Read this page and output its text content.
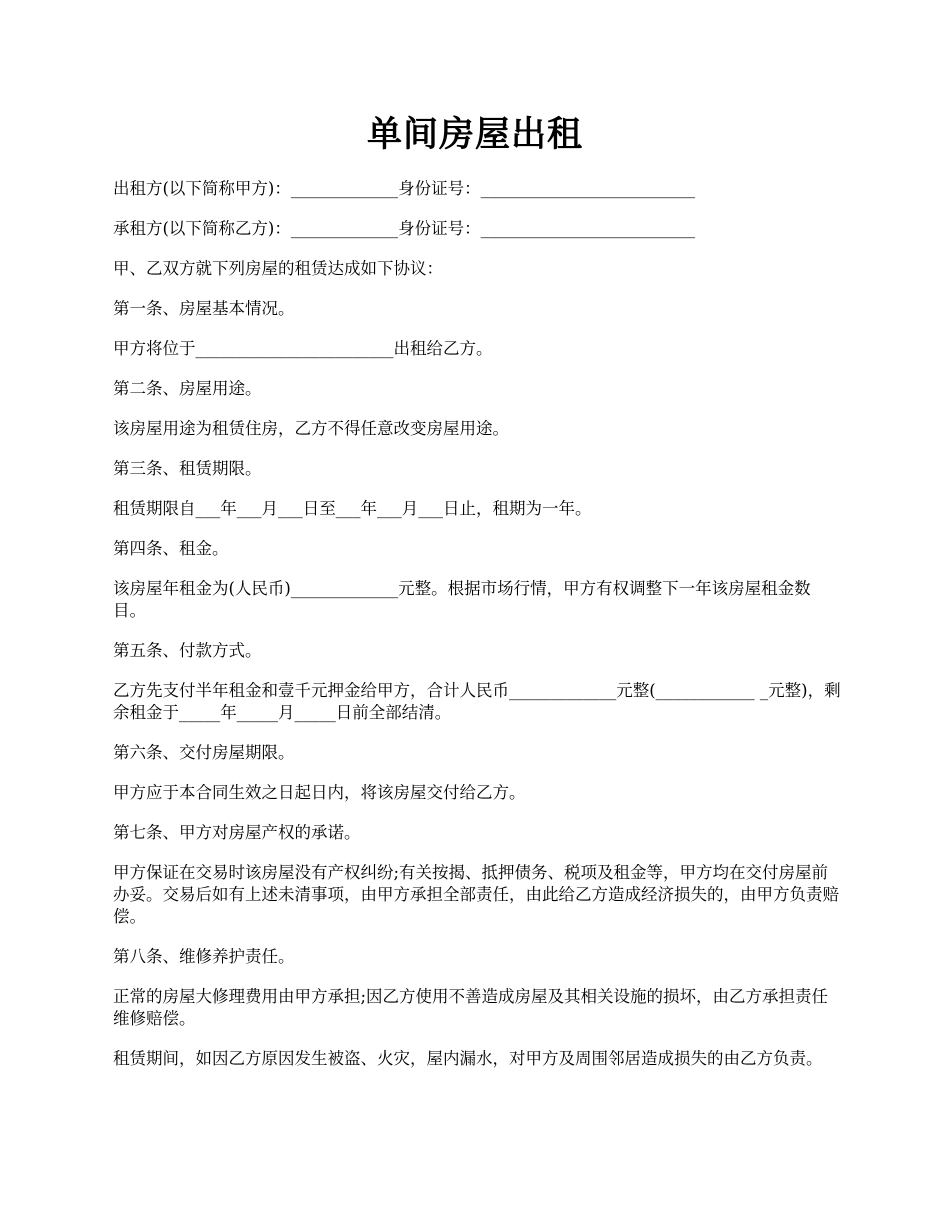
单间房屋出租

出租方(以下简称甲方)：_____________身份证号：__________________________

承租方(以下简称乙方)：_____________身份证号：__________________________

甲、乙双方就下列房屋的租赁达成如下协议：

第一条、房屋基本情况。

甲方将位于________________________出租给乙方。

第二条、房屋用途。

该房屋用途为租赁住房，乙方不得任意改变房屋用途。

第三条、租赁期限。

租赁期限自___年___月___日至___年___月___日止，租期为一年。

第四条、租金。

该房屋年租金为(人民币)_____________元整。根据市场行情，甲方有权调整下一年该房屋租金数目。

第五条、付款方式。

乙方先支付半年租金和壹千元押金给甲方，合计人民币_____________元整(____________ _元整)，剩余租金于_____年_____月_____日前全部结清。

第六条、交付房屋期限。

甲方应于本合同生效之日起日内，将该房屋交付给乙方。

第七条、甲方对房屋产权的承诺。

甲方保证在交易时该房屋没有产权纠纷;有关按揭、抵押债务、税项及租金等，甲方均在交付房屋前办妥。交易后如有上述未清事项，由甲方承担全部责任，由此给乙方造成经济损失的，由甲方负责赔偿。

第八条、维修养护责任。

正常的房屋大修理费用由甲方承担;因乙方使用不善造成房屋及其相关设施的损坏，由乙方承担责任维修赔偿。

租赁期间，如因乙方原因发生被盗、火灾，屋内漏水，对甲方及周围邻居造成损失的由乙方负责。
